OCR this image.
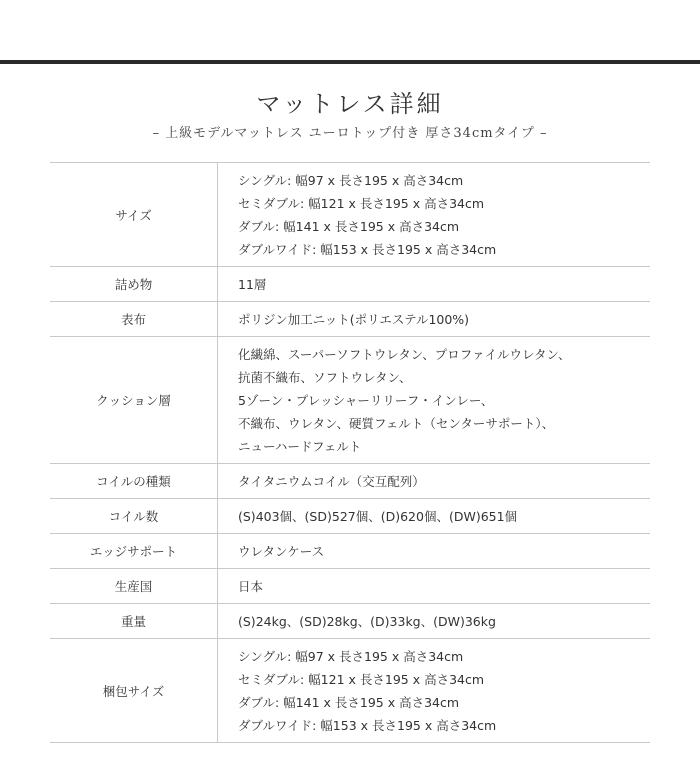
マットレス詳細
– 上級モデルマットレス ユーロトップ付き 厚さ34cmタイプ –
サイズ	シングル: 幅97 x 長さ195 x 高さ34cm
セミダブル: 幅121 x 長さ195 x 高さ34cm
ダブル: 幅141 x 長さ195 x 高さ34cm
ダブルワイド: 幅153 x 長さ195 x 高さ34cm

詰め物	11層

表布	ポリジン加工ニット(ポリエステル100%)

クッション層	化繊綿、スーパーソフトウレタン、プロファイルウレタン、
抗菌不織布、ソフトウレタン、
5ゾーン・プレッシャーリリーフ・インレー、
不織布、ウレタン、硬質フェルト（センターサポート）、
ニューハードフェルト

コイルの種類	タイタニウムコイル（交互配列）

コイル数	(S)403個、(SD)527個、(D)620個、(DW)651個

エッジサポート	ウレタンケース

生産国	日本

重量	(S)24kg、(SD)28kg、(D)33kg、(DW)36kg

梱包サイズ	シングル: 幅97 x 長さ195 x 高さ34cm
セミダブル: 幅121 x 長さ195 x 高さ34cm
ダブル: 幅141 x 長さ195 x 高さ34cm
ダブルワイド: 幅153 x 長さ195 x 高さ34cm
